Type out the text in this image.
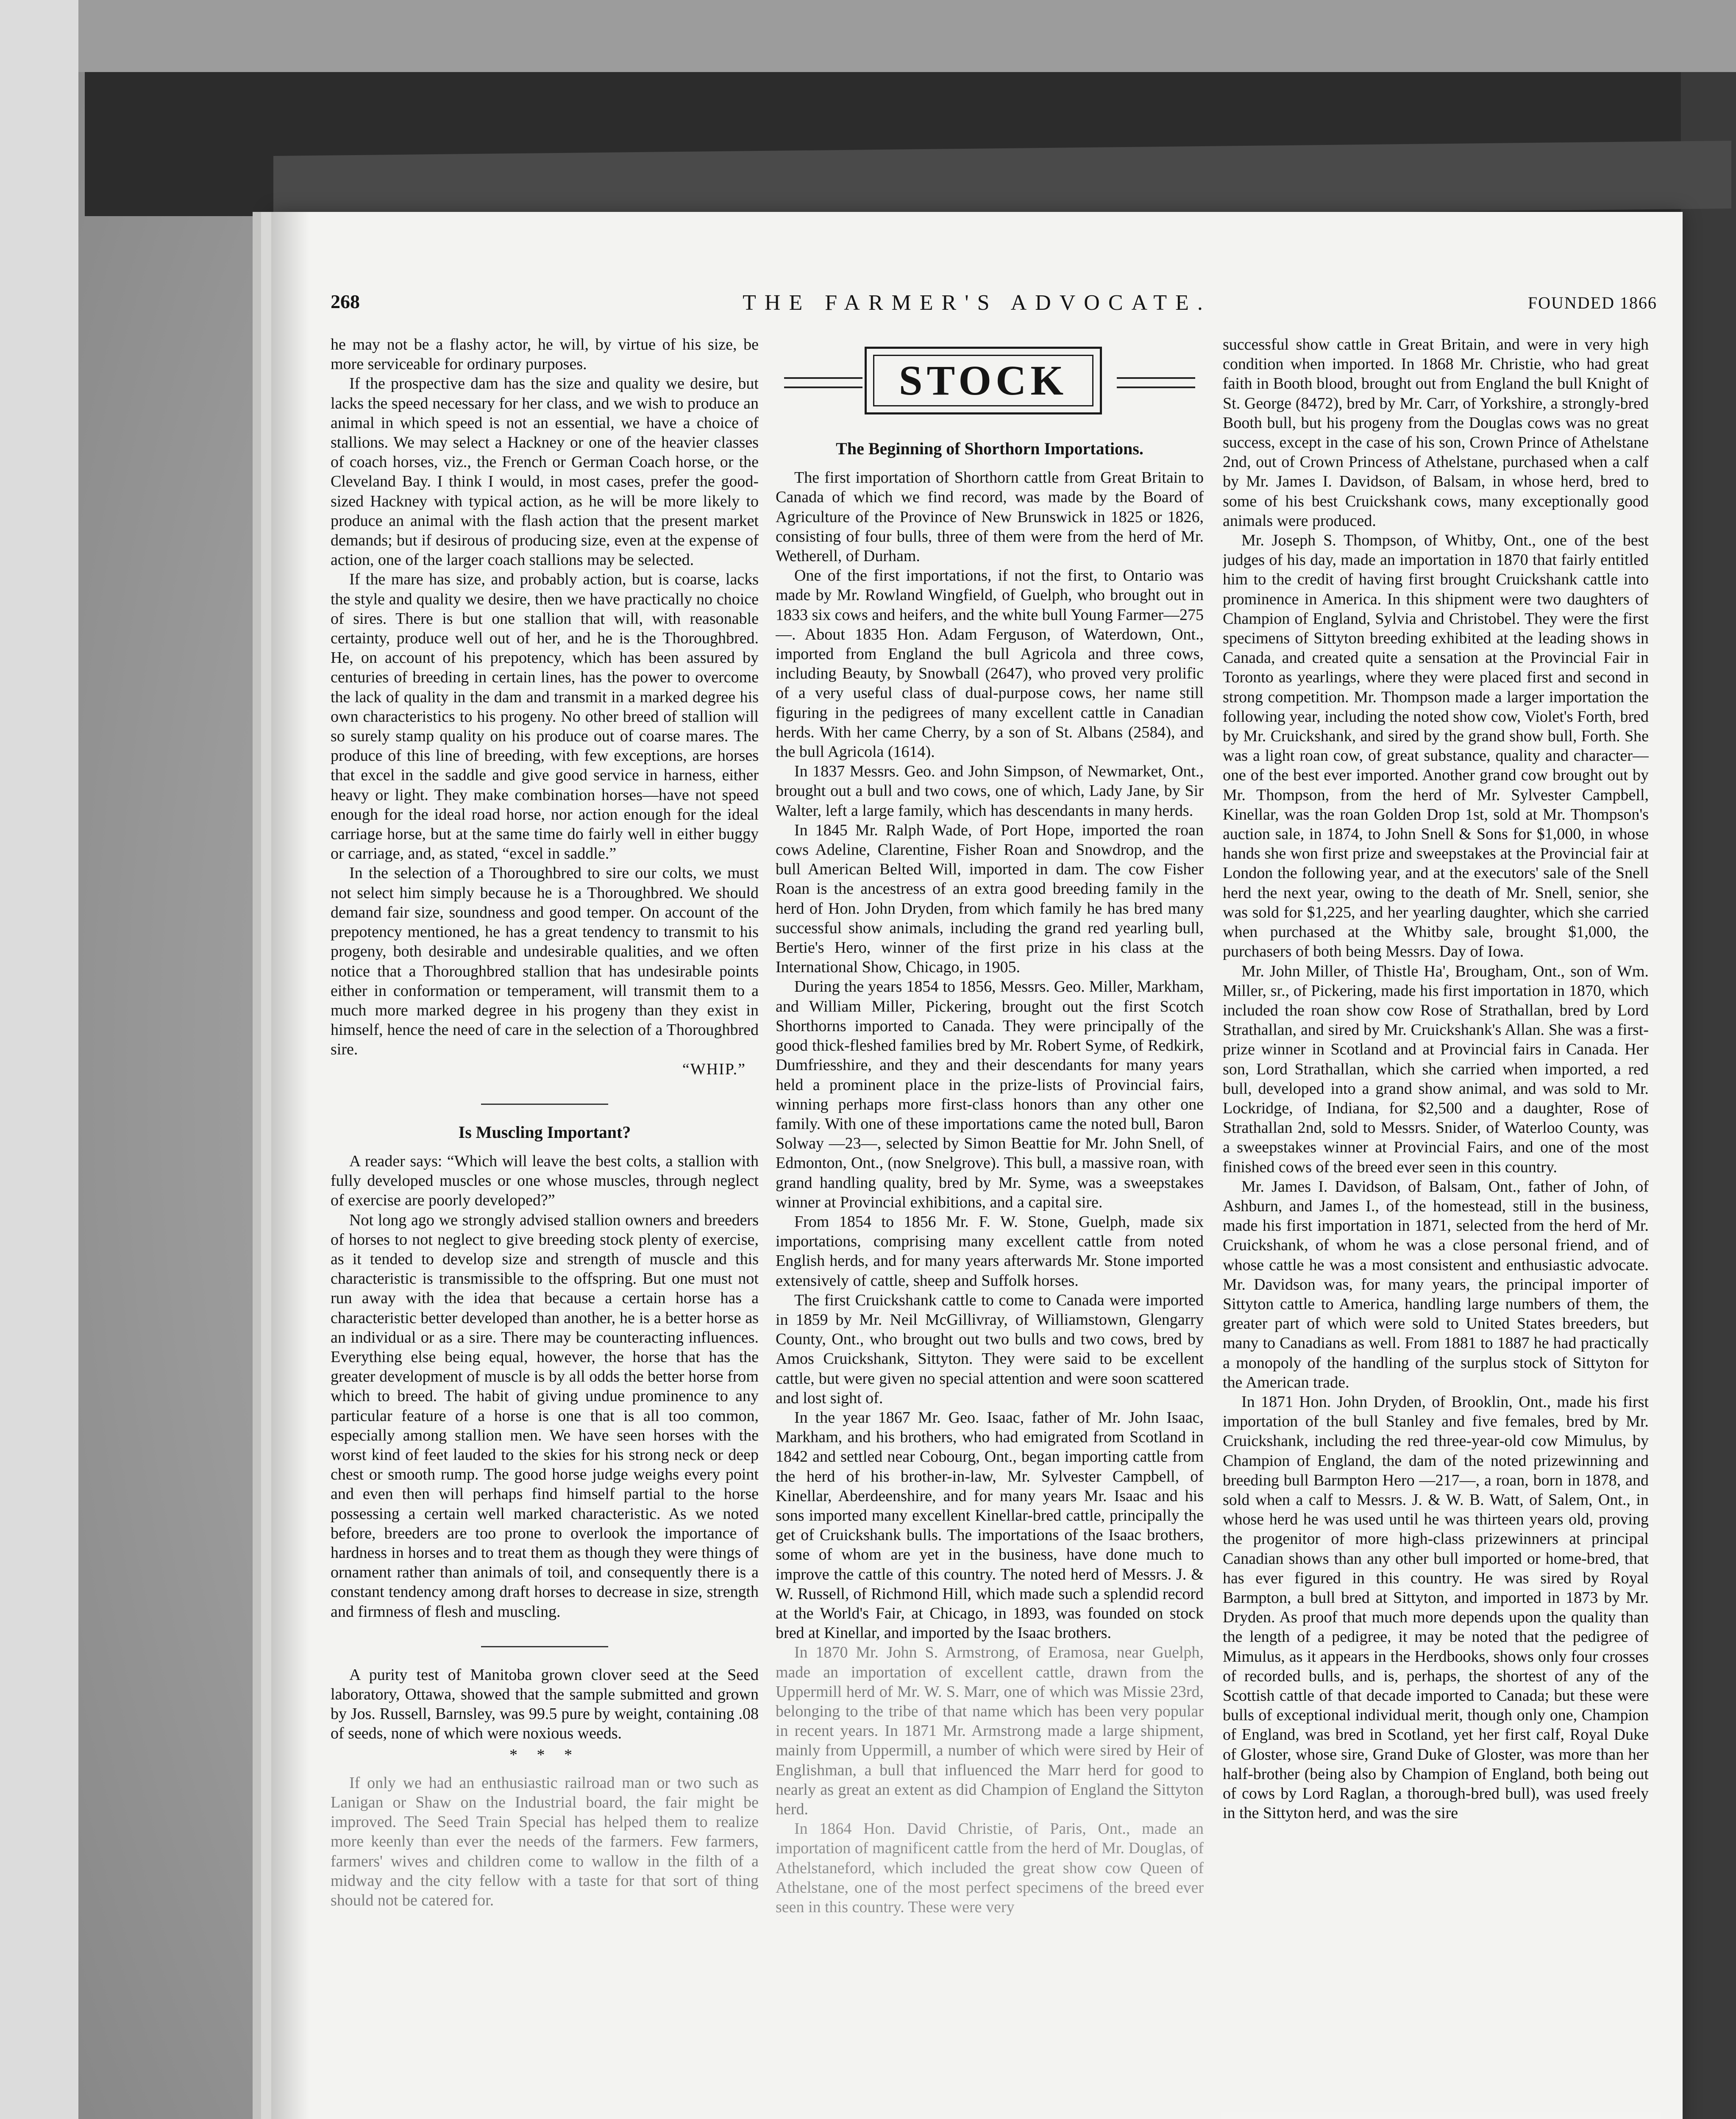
268	THE FARMER'S ADVOCATE.	FOUNDED 1866

he may not be a flashy actor, he will, by virtue of his size, be more serviceable for ordinary purposes.

If the prospective dam has the size and quality we desire, but lacks the speed necessary for her class, and we wish to produce an animal in which speed is not an essential, we have a choice of stallions. We may select a Hackney or one of the heavier classes of coach horses, viz., the French or German Coach horse, or the Cleveland Bay. I think I would, in most cases, prefer the good-sized Hackney with typical action, as he will be more likely to produce an animal with the flash action that the present market demands; but if desirous of producing size, even at the expense of action, one of the larger coach stallions may be selected.

If the mare has size, and probably action, but is coarse, lacks the style and quality we desire, then we have practically no choice of sires. There is but one stallion that will, with reasonable certainty, produce well out of her, and he is the Thoroughbred. He, on account of his prepotency, which has been assured by centuries of breeding in certain lines, has the power to overcome the lack of quality in the dam and transmit in a marked degree his own characteristics to his progeny. No other breed of stallion will so surely stamp quality on his produce out of coarse mares. The produce of this line of breeding, with few exceptions, are horses that excel in the saddle and give good service in harness, either heavy or light. They make combination horses—have not speed enough for the ideal road horse, nor action enough for the ideal carriage horse, but at the same time do fairly well in either buggy or carriage, and, as stated, “excel in saddle.”

In the selection of a Thoroughbred to sire our colts, we must not select him simply because he is a Thoroughbred. We should demand fair size, soundness and good temper. On account of the prepotency mentioned, he has a great tendency to transmit to his progeny, both desirable and undesirable qualities, and we often notice that a Thoroughbred stallion that has undesirable points either in conformation or temperament, will transmit them to a much more marked degree in his progeny than they exist in himself, hence the need of care in the selection of a Thoroughbred sire.

“WHIP.”
Is Muscling Important?

A reader says: “Which will leave the best colts, a stallion with fully developed muscles or one whose muscles, through neglect of exercise are poorly developed?”

Not long ago we strongly advised stallion owners and breeders of horses to not neglect to give breeding stock plenty of exercise, as it tended to develop size and strength of muscle and this characteristic is transmissible to the offspring. But one must not run away with the idea that because a certain horse has a characteristic better developed than another, he is a better horse as an individual or as a sire. There may be counteracting influences. Everything else being equal, however, the horse that has the greater development of muscle is by all odds the better horse from which to breed. The habit of giving undue prominence to any particular feature of a horse is one that is all too common, especially among stallion men. We have seen horses with the worst kind of feet lauded to the skies for his strong neck or deep chest or smooth rump. The good horse judge weighs every point and even then will perhaps find himself partial to the horse possessing a certain well marked characteristic. As we noted before, breeders are too prone to overlook the importance of hardness in horses and to treat them as though they were things of ornament rather than animals of toil, and consequently there is a constant tendency among draft horses to decrease in size, strength and firmness of flesh and muscling.

A purity test of Manitoba grown clover seed at the Seed laboratory, Ottawa, showed that the sample submitted and grown by Jos. Russell, Barnsley, was 99.5 pure by weight, containing .08 of seeds, none of which were noxious weeds.

* * *

If only we had an enthusiastic railroad man or two such as Lanigan or Shaw on the Industrial board, the fair might be improved. The Seed Train Special has helped them to realize more keenly than ever the needs of the farmers. Few farmers, farmers' wives and children come to wallow in the filth of a midway and the city fellow with a taste for that sort of thing should not be catered for.

STOCK
The Beginning of Shorthorn Importations.

The first importation of Shorthorn cattle from Great Britain to Canada of which we find record, was made by the Board of Agriculture of the Province of New Brunswick in 1825 or 1826, consisting of four bulls, three of them were from the herd of Mr. Wetherell, of Durham.

One of the first importations, if not the first, to Ontario was made by Mr. Rowland Wingfield, of Guelph, who brought out in 1833 six cows and heifers, and the white bull Young Farmer—275—. About 1835 Hon. Adam Ferguson, of Waterdown, Ont., imported from England the bull Agricola and three cows, including Beauty, by Snowball (2647), who proved very prolific of a very useful class of dual-purpose cows, her name still figuring in the pedigrees of many excellent cattle in Canadian herds. With her came Cherry, by a son of St. Albans (2584), and the bull Agricola (1614).

In 1837 Messrs. Geo. and John Simpson, of Newmarket, Ont., brought out a bull and two cows, one of which, Lady Jane, by Sir Walter, left a large family, which has descendants in many herds.

In 1845 Mr. Ralph Wade, of Port Hope, imported the roan cows Adeline, Clarentine, Fisher Roan and Snowdrop, and the bull American Belted Will, imported in dam. The cow Fisher Roan is the ancestress of an extra good breeding family in the herd of Hon. John Dryden, from which family he has bred many successful show animals, including the grand red yearling bull, Bertie's Hero, winner of the first prize in his class at the International Show, Chicago, in 1905.

During the years 1854 to 1856, Messrs. Geo. Miller, Markham, and William Miller, Pickering, brought out the first Scotch Shorthorns imported to Canada. They were principally of the good thick-fleshed families bred by Mr. Robert Syme, of Redkirk, Dumfriesshire, and they and their descendants for many years held a prominent place in the prize-lists of Provincial fairs, winning perhaps more first-class honors than any other one family. With one of these importations came the noted bull, Baron Solway —23—, selected by Simon Beattie for Mr. John Snell, of Edmonton, Ont., (now Snelgrove). This bull, a massive roan, with grand handling quality, bred by Mr. Syme, was a sweepstakes winner at Provincial exhibitions, and a capital sire.

From 1854 to 1856 Mr. F. W. Stone, Guelph, made six importations, comprising many excellent cattle from noted English herds, and for many years afterwards Mr. Stone imported extensively of cattle, sheep and Suffolk horses.

The first Cruickshank cattle to come to Canada were imported in 1859 by Mr. Neil McGillivray, of Williamstown, Glengarry County, Ont., who brought out two bulls and two cows, bred by Amos Cruickshank, Sittyton. They were said to be excellent cattle, but were given no special attention and were soon scattered and lost sight of.

In the year 1867 Mr. Geo. Isaac, father of Mr. John Isaac, Markham, and his brothers, who had emigrated from Scotland in 1842 and settled near Cobourg, Ont., began importing cattle from the herd of his brother-in-law, Mr. Sylvester Campbell, of Kinellar, Aberdeenshire, and for many years Mr. Isaac and his sons imported many excellent Kinellar-bred cattle, principally the get of Cruickshank bulls. The importations of the Isaac brothers, some of whom are yet in the business, have done much to improve the cattle of this country. The noted herd of Messrs. J. & W. Russell, of Richmond Hill, which made such a splendid record at the World's Fair, at Chicago, in 1893, was founded on stock bred at Kinellar, and imported by the Isaac brothers.

In 1870 Mr. John S. Armstrong, of Eramosa, near Guelph, made an importation of excellent cattle, drawn from the Uppermill herd of Mr. W. S. Marr, one of which was Missie 23rd, belonging to the tribe of that name which has been very popular in recent years. In 1871 Mr. Armstrong made a large shipment, mainly from Uppermill, a number of which were sired by Heir of Englishman, a bull that influenced the Marr herd for good to nearly as great an extent as did Champion of England the Sittyton herd.

In 1864 Hon. David Christie, of Paris, Ont., made an importation of magnificent cattle from the herd of Mr. Douglas, of Athelstaneford, which included the great show cow Queen of Athelstane, one of the most perfect specimens of the breed ever seen in this country. These were very

successful show cattle in Great Britain, and were in very high condition when imported. In 1868 Mr. Christie, who had great faith in Booth blood, brought out from England the bull Knight of St. George (8472), bred by Mr. Carr, of Yorkshire, a strongly-bred Booth bull, but his progeny from the Douglas cows was no great success, except in the case of his son, Crown Prince of Athelstane 2nd, out of Crown Princess of Athelstane, purchased when a calf by Mr. James I. Davidson, of Balsam, in whose herd, bred to some of his best Cruickshank cows, many exceptionally good animals were produced.

Mr. Joseph S. Thompson, of Whitby, Ont., one of the best judges of his day, made an importation in 1870 that fairly entitled him to the credit of having first brought Cruickshank cattle into prominence in America. In this shipment were two daughters of Champion of England, Sylvia and Christobel. They were the first specimens of Sittyton breeding exhibited at the leading shows in Canada, and created quite a sensation at the Provincial Fair in Toronto as yearlings, where they were placed first and second in strong competition. Mr. Thompson made a larger importation the following year, including the noted show cow, Violet's Forth, bred by Mr. Cruickshank, and sired by the grand show bull, Forth. She was a light roan cow, of great substance, quality and character—one of the best ever imported. Another grand cow brought out by Mr. Thompson, from the herd of Mr. Sylvester Campbell, Kinellar, was the roan Golden Drop 1st, sold at Mr. Thompson's auction sale, in 1874, to John Snell & Sons for $1,000, in whose hands she won first prize and sweepstakes at the Provincial fair at London the following year, and at the executors' sale of the Snell herd the next year, owing to the death of Mr. Snell, senior, she was sold for $1,225, and her yearling daughter, which she carried when purchased at the Whitby sale, brought $1,000, the purchasers of both being Messrs. Day of Iowa.

Mr. John Miller, of Thistle Ha', Brougham, Ont., son of Wm. Miller, sr., of Pickering, made his first importation in 1870, which included the roan show cow Rose of Strathallan, bred by Lord Strathallan, and sired by Mr. Cruickshank's Allan. She was a first-prize winner in Scotland and at Provincial fairs in Canada. Her son, Lord Strathallan, which she carried when imported, a red bull, developed into a grand show animal, and was sold to Mr. Lockridge, of Indiana, for $2,500 and a daughter, Rose of Strathallan 2nd, sold to Messrs. Snider, of Waterloo County, was a sweepstakes winner at Provincial Fairs, and one of the most finished cows of the breed ever seen in this country.

Mr. James I. Davidson, of Balsam, Ont., father of John, of Ashburn, and James I., of the homestead, still in the business, made his first importation in 1871, selected from the herd of Mr. Cruickshank, of whom he was a close personal friend, and of whose cattle he was a most consistent and enthusiastic advocate. Mr. Davidson was, for many years, the principal importer of Sittyton cattle to America, handling large numbers of them, the greater part of which were sold to United States breeders, but many to Canadians as well. From 1881 to 1887 he had practically a monopoly of the handling of the surplus stock of Sittyton for the American trade.

In 1871 Hon. John Dryden, of Brooklin, Ont., made his first importation of the bull Stanley and five females, bred by Mr. Cruickshank, including the red three-year-old cow Mimulus, by Champion of England, the dam of the noted prizewinning and breeding bull Barmpton Hero —217—, a roan, born in 1878, and sold when a calf to Messrs. J. & W. B. Watt, of Salem, Ont., in whose herd he was used until he was thirteen years old, proving the progenitor of more high-class prizewinners at principal Canadian shows than any other bull imported or home-bred, that has ever figured in this country. He was sired by Royal Barmpton, a bull bred at Sittyton, and imported in 1873 by Mr. Dryden. As proof that much more depends upon the quality than the length of a pedigree, it may be noted that the pedigree of Mimulus, as it appears in the Herdbooks, shows only four crosses of recorded bulls, and is, perhaps, the shortest of any of the Scottish cattle of that decade imported to Canada; but these were bulls of exceptional individual merit, though only one, Champion of England, was bred in Scotland, yet her first calf, Royal Duke of Gloster, whose sire, Grand Duke of Gloster, was more than her half-brother (being also by Champion of England, both being out of cows by Lord Raglan, a thorough-bred bull), was used freely in the Sittyton herd, and was the sire
